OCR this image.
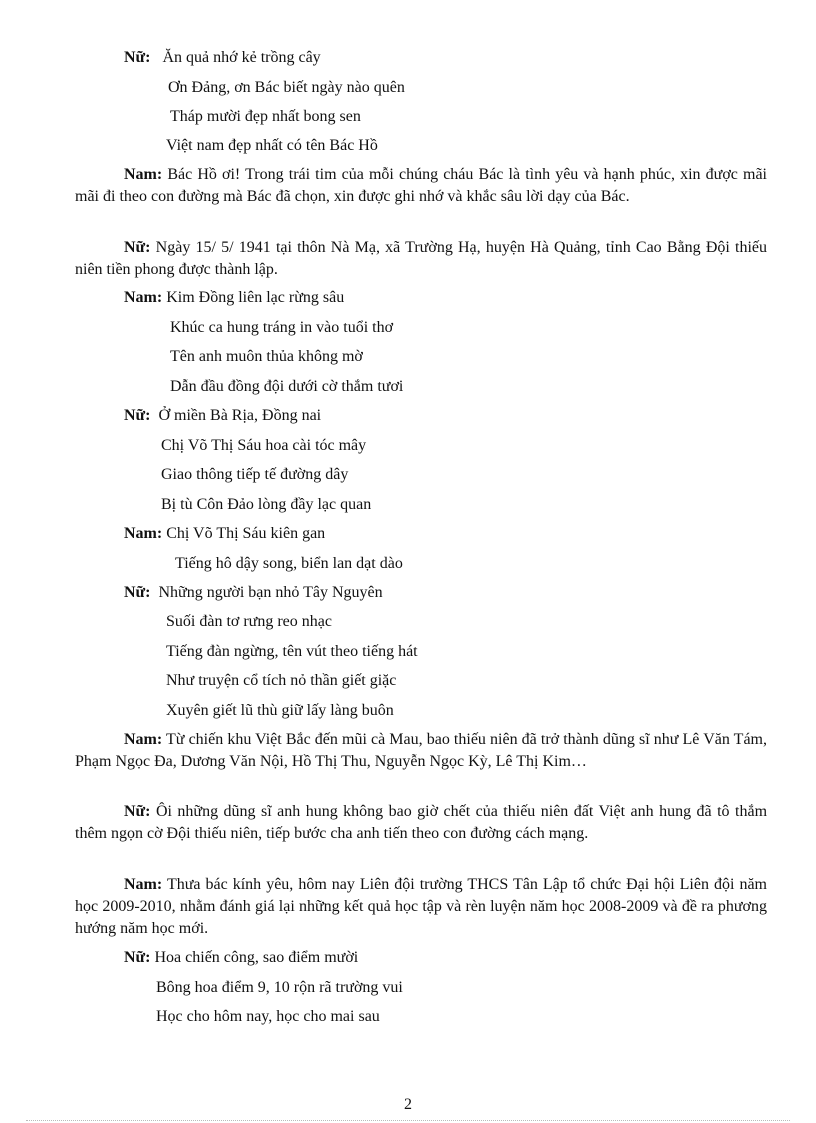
Nữ: Ăn quả nhớ kẻ trồng cây
Ơn Đảng, ơn Bác biết ngày nào quên
Tháp mười đẹp nhất bong sen
Việt nam đẹp nhất có tên Bác Hồ
Nam: Bác Hồ ơi! Trong trái tim của mỗi chúng cháu Bác là tình yêu và hạnh phúc, xin được mãi mãi đi theo con đường mà Bác đã chọn, xin được ghi nhớ và khắc sâu lời dạy của Bác.
Nữ: Ngày 15/ 5/ 1941 tại thôn Nà Mạ, xã Trường Hạ, huyện Hà Quảng, tỉnh Cao Bằng Đội thiếu niên tiền phong được thành lập.
Nam: Kim Đồng liên lạc rừng sâu
Khúc ca hung tráng in vào tuổi thơ
Tên anh muôn thủa không mờ
Dẫn đầu đồng đội dưới cờ thắm tươi
Nữ: Ở miền Bà Rịa, Đồng nai
Chị Võ Thị Sáu hoa cài tóc mây
Giao thông tiếp tế đường dây
Bị tù Côn Đảo lòng đầy lạc quan
Nam: Chị Võ Thị Sáu kiên gan
Tiếng hô dậy song, biển lan dạt dào
Nữ: Những người bạn nhỏ Tây Nguyên
Suối đàn tơ rưng reo nhạc
Tiếng đàn ngừng, tên vút theo tiếng hát
Như truyện cổ tích nỏ thần giết giặc
Xuyên giết lũ thù giữ lấy làng buôn
Nam: Từ chiến khu Việt Bắc đến mũi cà Mau, bao thiếu niên đã trở thành dũng sĩ như Lê Văn Tám, Phạm Ngọc Đa, Dương Văn Nội, Hồ Thị Thu, Nguyễn Ngọc Kỳ, Lê Thị Kim…
Nữ: Ôi những dũng sĩ anh hung không bao giờ chết của thiếu niên đất Việt anh hung đã tô thắm thêm ngọn cờ Đội thiếu niên, tiếp bước cha anh tiến theo con đường cách mạng.
Nam: Thưa bác kính yêu, hôm nay Liên đội trường THCS Tân Lập tổ chức Đại hội Liên đội năm học 2009-2010, nhằm đánh giá lại những kết quả học tập và rèn luyện năm học 2008-2009 và đề ra phương hướng năm học mới.
Nữ: Hoa chiến công, sao điểm mười
Bông hoa điểm 9, 10 rộn rã trường vui
Học cho hôm nay, học cho mai sau
2
